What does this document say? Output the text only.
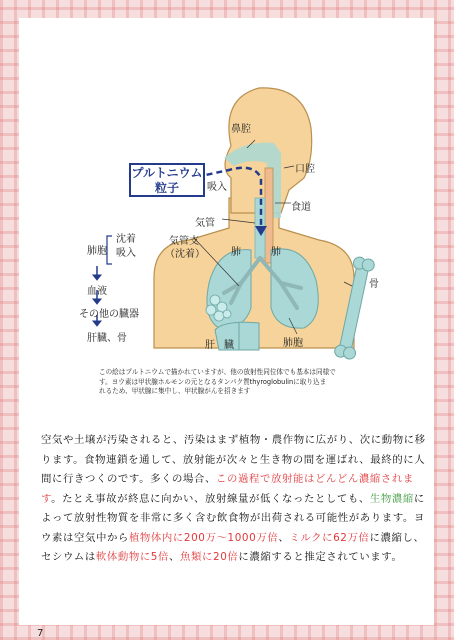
プルトニウム
粒子	吸入
鼻腔
口腔
食道
気管
気管支
（沈着）	肺	肺
骨
肝 臓	肺胞
肺胞
沈着
吸入
血液
その他の臓器
肝臓、骨
この絵はプルトニウムで描かれていますが、他の放射性同位体でも基本は同様で
す。ヨウ素は甲状腺ホルモンの元となるタンパク質thyroglobulinに取り込ま
れるため、甲状腺に集中し、甲状腺がんを招きます

空気や土壌が汚染されると、汚染はまず植物・農作物に広がり、次に動物に移ります。食物連鎖を通して、放射能が次々と生き物の間を運ばれ、最終的に人間に行きつくのです。多くの場合、この過程で放射能はどんどん濃縮されます。たとえ事故が終息に向かい、放射線量が低くなったとしても、生物濃縮によって放射性物質を非常に多く含む飲食物が出荷される可能性があります。ヨウ素は空気中から植物体内に200万～1000万倍、ミルクに62万倍に濃縮し、セシウムは軟体動物に5倍、魚類に20倍に濃縮すると推定されています。

7
